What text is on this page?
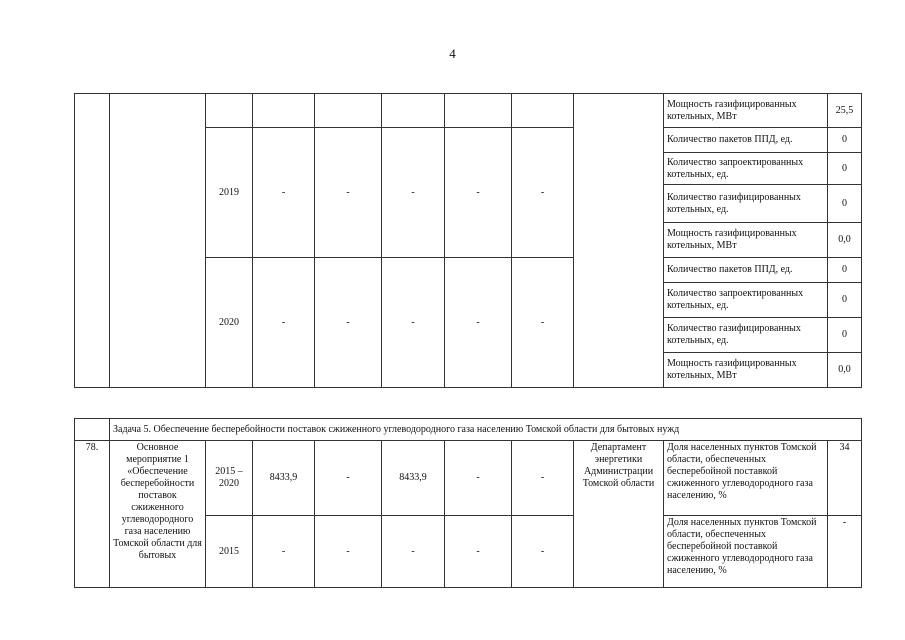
4
									Мощность газифицированных котельных, МВт	25,5
		2019	-	-	-	-	-		Количество пакетов ППД, ед.	0
									Количество запроектированных котельных, ед.	0
									Количество газифицированных котельных, ед.	0
									Мощность газифицированных котельных, МВт	0,0
		2020	-	-	-	-	-		Количество пакетов ППД, ед.	0
									Количество запроектированных котельных, ед.	0
									Количество газифицированных котельных, ед.	0
									Мощность газифицированных котельных, МВт	0,0
	Задача 5. Обеспечение бесперебойности поставок сжиженного углеводородного газа населению Томской области для бытовых нужд									
78.	Основное мероприятие 1 «Обеспечение бесперебойности поставок сжиженного углеводородного газа населению Томской области для бытовых	2015 – 2020	8433,9	-	8433,9	-	-	Департамент энергетики Администрации Томской области	Доля населенных пунктов Томской области, обеспеченных бесперебойной поставкой сжиженного углеводородного газа населению, %	34
		2015	-	-	-	-	-		Доля населенных пунктов Томской области, обеспеченных бесперебойной поставкой сжиженного углеводородного газа населению, %	-
